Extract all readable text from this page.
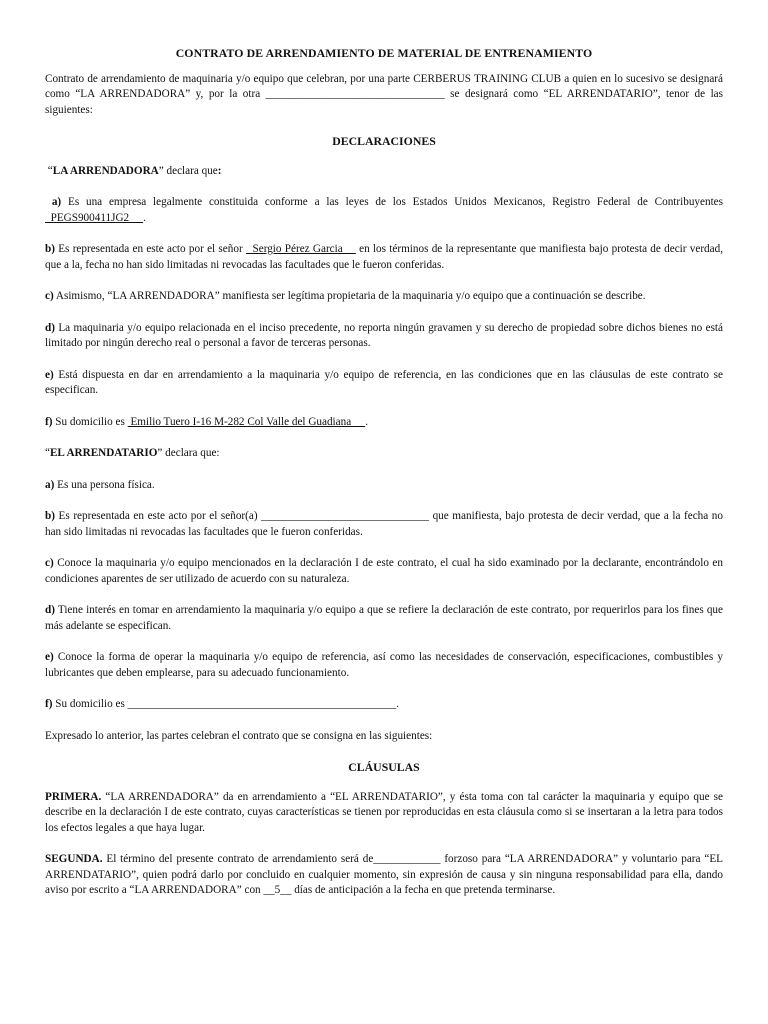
CONTRATO DE ARRENDAMIENTO DE MATERIAL DE ENTRENAMIENTO

Contrato de arrendamiento de maquinaria y/o equipo que celebran, por una parte CERBERUS TRAINING CLUB a quien en lo sucesivo se designará como “LA ARRENDADORA” y, por la otra ________________________________ se designará como “EL ARRENDATARIO”, tenor de las siguientes:

DECLARACIONES

“LA ARRENDADORA” declara que:

a) Es una empresa legalmente constituida conforme a las leyes de los Estados Unidos Mexicanos, Registro Federal de Contribuyentes   PEGS900411JG2     .

b) Es representada en este acto por el señor   Sergio Pérez Garcia     en los términos de la representante que manifiesta bajo protesta de decir verdad, que a la, fecha no han sido limitadas ni revocadas las facultades que le fueron conferidas.

c) Asimismo, “LA ARRENDADORA” manifiesta ser legítima propietaria de la maquinaria y/o equipo que a continuación se describe.

d) La maquinaria y/o equipo relacionada en el inciso precedente, no reporta ningún gravamen y su derecho de propiedad sobre dichos bienes no está limitado por ningún derecho real o personal a favor de terceras personas.

e) Está dispuesta en dar en arrendamiento a la maquinaria y/o equipo de referencia, en las condiciones que en las cláusulas de este contrato se especifican.

f) Su domicilio es  Emilio Tuero I-16 M-282 Col Valle del Guadiana     .

“EL ARRENDATARIO” declara que:

a) Es una persona física.

b) Es representada en este acto por el señor(a) ______________________________ que manifiesta, bajo protesta de decir verdad, que a la fecha no han sido limitadas ni revocadas las facultades que le fueron conferidas.

c) Conoce la maquinaria y/o equipo mencionados en la declaración I de este contrato, el cual ha sido examinado por la declarante, encontrándolo en condiciones aparentes de ser utilizado de acuerdo con su naturaleza.

d) Tiene interés en tomar en arrendamiento la maquinaria y/o equipo a que se refiere la declaración de este contrato, por requerirlos para los fines que más adelante se especifican.

e) Conoce la forma de operar la maquinaria y/o equipo de referencia, así como las necesidades de conservación, especificaciones, combustibles y lubricantes que deben emplearse, para su adecuado funcionamiento.

f) Su domicilio es ________________________________________________.

Expresado lo anterior, las partes celebran el contrato que se consigna en las siguientes:

CLÁUSULAS

PRIMERA. “LA ARRENDADORA” da en arrendamiento a “EL ARRENDATARIO”, y ésta toma con tal carácter la maquinaria y equipo que se describe en la declaración I de este contrato, cuyas características se tienen por reproducidas en esta cláusula como si se insertaran a la letra para todos los efectos legales a que haya lugar.

SEGUNDA. El término del presente contrato de arrendamiento será de____________ forzoso para “LA ARRENDADORA” y voluntario para “EL ARRENDATARIO”, quien podrá darlo por concluido en cualquier momento, sin expresión de causa y sin ninguna responsabilidad para ella, dando aviso por escrito a “LA ARRENDADORA” con __5__ días de anticipación a la fecha en que pretenda terminarse.
